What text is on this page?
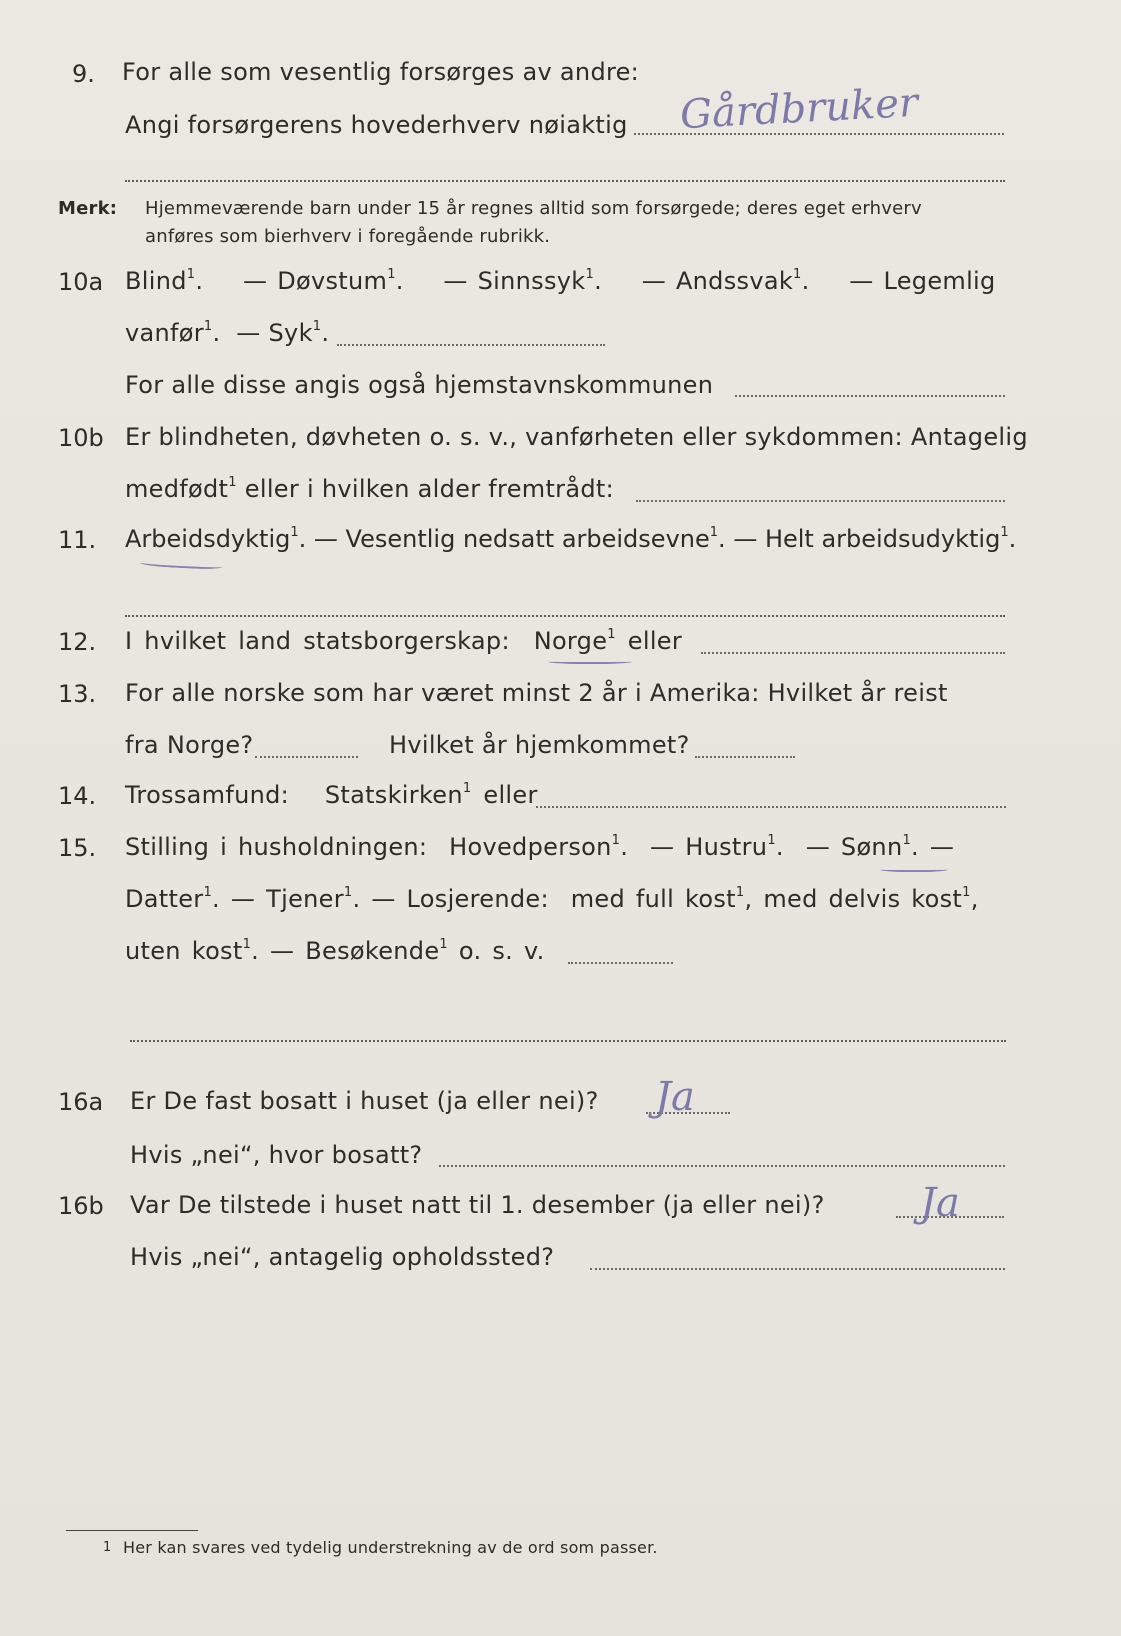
9. For alle som vesentlig forsørges av andre:
Angi forsørgerens hovederhverv nøiaktig Gårdbruker
Merk: Hjemmeværende barn under 15 år regnes alltid som forsørgede; deres eget erhverv
anføres som bierhverv i foregående rubrikk.
10a Blind$^1$. — Døvstum$^1$. — Sinnssyk$^1$. — Andssvak$^1$. — Legemlig
vanfør$^1$. — Syk$^1$.
For alle disse angis også hjemstavnskommunen
10b Er blindheten, døvheten o. s. v., vanførheten eller sykdommen: Antagelig
medfødt$^1$ eller i hvilken alder fremtrådt:
11. Arbeidsdyktig$^1$. — Vesentlig nedsatt arbeidsevne$^1$. — Helt arbeidsudyktig$^1$.
12. I hvilket land statsborgerskap: Norge$^1$ eller
13. For alle norske som har været minst 2 år i Amerika: Hvilket år reist
fra Norge?	Hvilket år hjemkommet?
14. Trossamfund: Statskirken$^1$ eller
15. Stilling i husholdningen: Hovedperson$^1$. — Hustru$^1$. — Sønn$^1$. —
Datter$^1$. — Tjener$^1$. — Losjerende: med full kost$^1$, med delvis kost$^1$,
uten kost$^1$. — Besøkende$^1$ o. s. v.
16a Er De fast bosatt i huset (ja eller nei)? Ja
Hvis „nei“, hvor bosatt?
16b Var De tilstede i huset natt til 1. desember (ja eller nei)? Ja
Hvis „nei“, antagelig opholdssted?
1 Her kan svares ved tydelig understrekning av de ord som passer.
